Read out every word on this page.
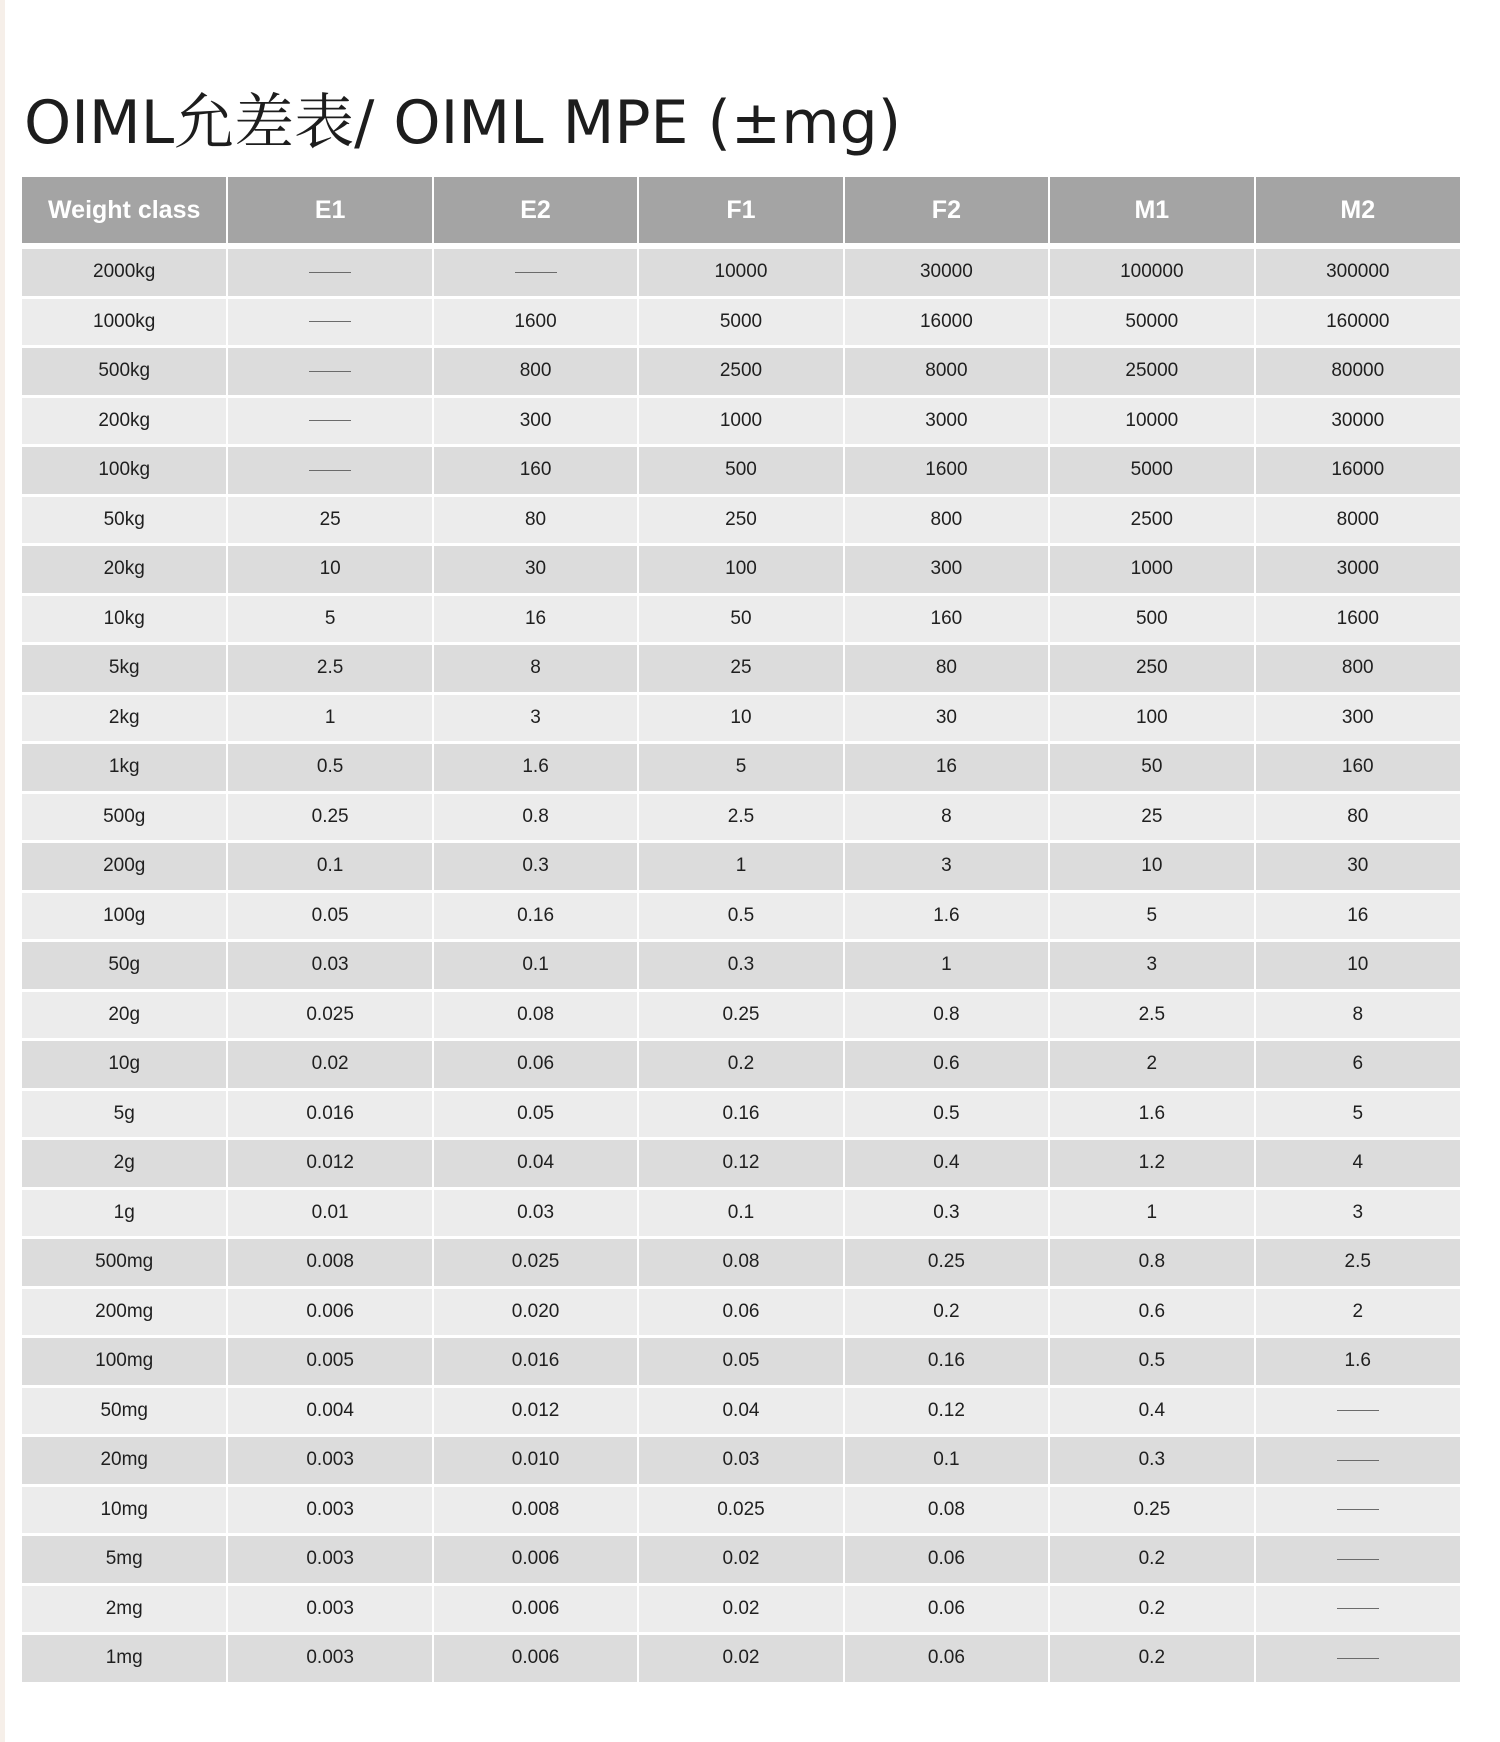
OIML允差表/ OIML MPE (±mg)
Weight class	E1	E2	F1	F2	M1	M2
2000kg			10000	30000	100000	300000
1000kg		1600	5000	16000	50000	160000
500kg		800	2500	8000	25000	80000
200kg		300	1000	3000	10000	30000
100kg		160	500	1600	5000	16000
50kg	25	80	250	800	2500	8000
20kg	10	30	100	300	1000	3000
10kg	5	16	50	160	500	1600
5kg	2.5	8	25	80	250	800
2kg	1	3	10	30	100	300
1kg	0.5	1.6	5	16	50	160
500g	0.25	0.8	2.5	8	25	80
200g	0.1	0.3	1	3	10	30
100g	0.05	0.16	0.5	1.6	5	16
50g	0.03	0.1	0.3	1	3	10
20g	0.025	0.08	0.25	0.8	2.5	8
10g	0.02	0.06	0.2	0.6	2	6
5g	0.016	0.05	0.16	0.5	1.6	5
2g	0.012	0.04	0.12	0.4	1.2	4
1g	0.01	0.03	0.1	0.3	1	3
500mg	0.008	0.025	0.08	0.25	0.8	2.5
200mg	0.006	0.020	0.06	0.2	0.6	2
100mg	0.005	0.016	0.05	0.16	0.5	1.6
50mg	0.004	0.012	0.04	0.12	0.4	
20mg	0.003	0.010	0.03	0.1	0.3	
10mg	0.003	0.008	0.025	0.08	0.25	
5mg	0.003	0.006	0.02	0.06	0.2	
2mg	0.003	0.006	0.02	0.06	0.2	
1mg	0.003	0.006	0.02	0.06	0.2	
